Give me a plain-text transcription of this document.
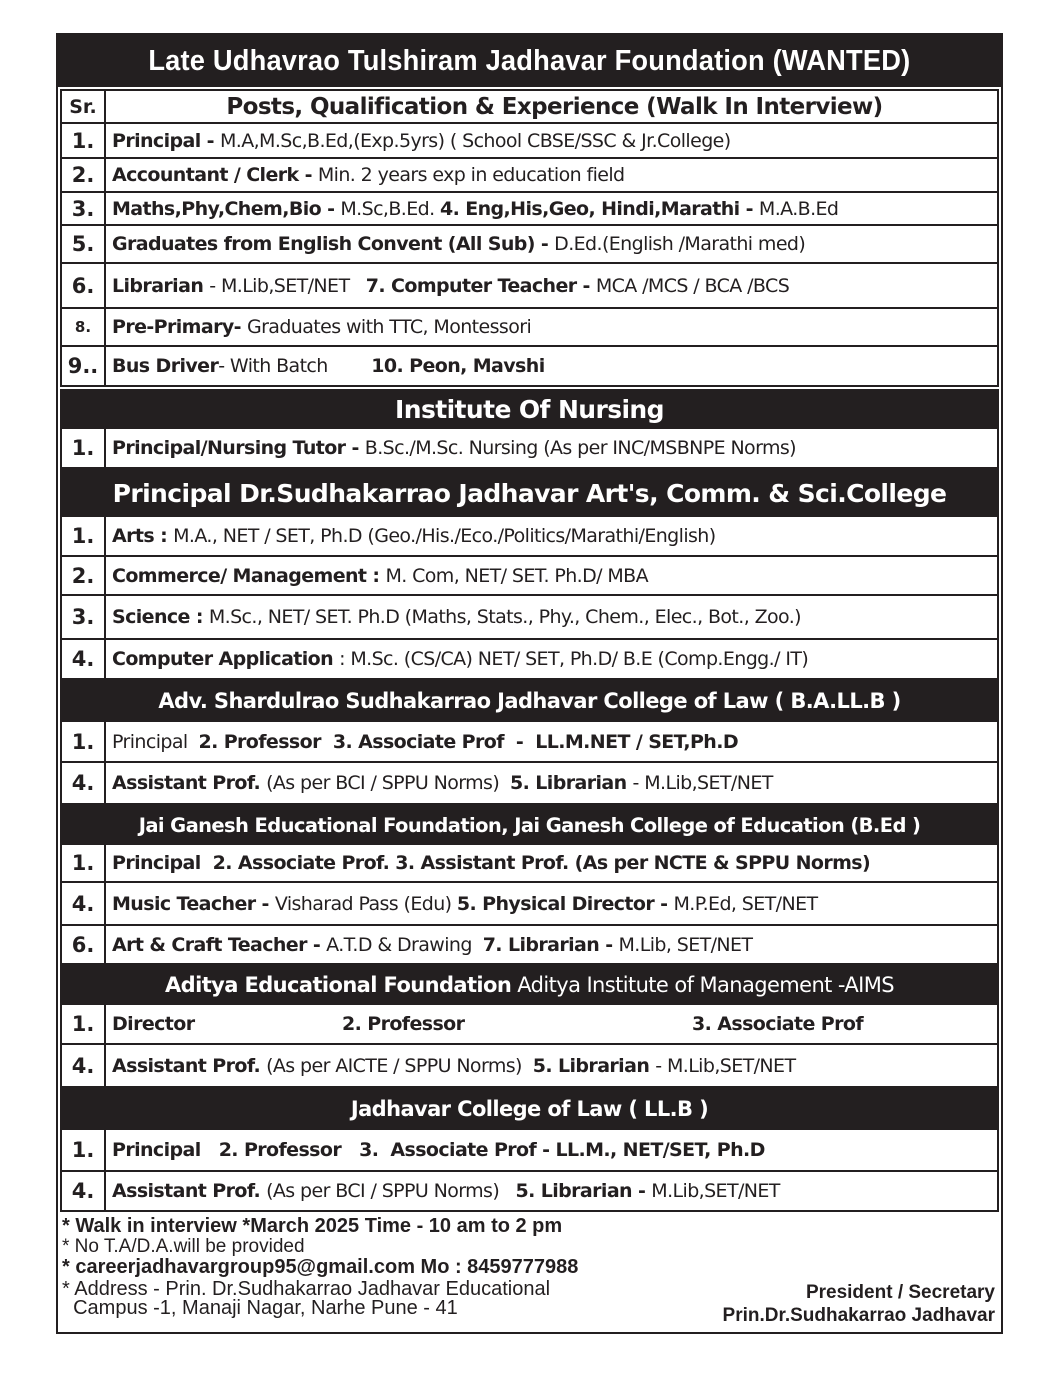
Late Udhavrao Tulshiram Jadhavar Foundation (WANTED)
Sr.	Posts, Qualification & Experience (Walk In Interview)
1. Principal - M.A,M.Sc,B.Ed,(Exp.5yrs) ( School CBSE/SSC & Jr.College)
2. Accountant / Clerk - Min. 2 years exp in education field
3. Maths,Phy,Chem,Bio - M.Sc,B.Ed. 4. Eng,His,Geo, Hindi,Marathi - M.A.B.Ed
5. Graduates from English Convent (All Sub) - D.Ed.(English /Marathi med)
6. Librarian - M.Lib,SET/NET   7. Computer Teacher - MCA /MCS / BCA /BCS
8.	Pre-Primary- Graduates with TTC, Montessori
9.. Bus Driver- With Batch        10. Peon, Mavshi
Institute Of Nursing
1. Principal/Nursing Tutor - B.Sc./M.Sc. Nursing (As per INC/MSBNPE Norms)
Principal Dr.Sudhakarrao Jadhavar Art's, Comm. & Sci.College
1. Arts : M.A., NET / SET, Ph.D (Geo./His./Eco./Politics/Marathi/English)
2. Commerce/ Management : M. Com, NET/ SET. Ph.D/ MBA
3. Science : M.Sc., NET/ SET. Ph.D (Maths, Stats., Phy., Chem., Elec., Bot., Zoo.)
4. Computer Application : M.Sc. (CS/CA) NET/ SET, Ph.D/ B.E (Comp.Engg./ IT)
Adv. Shardulrao Sudhakarrao Jadhavar College of Law ( B.A.LL.B )
1. Principal  2. Professor  3. Associate Prof  -  LL.M.NET / SET,Ph.D
4. Assistant Prof. (As per BCI / SPPU Norms)  5. Librarian - M.Lib,SET/NET
Jai Ganesh Educational Foundation, Jai Ganesh College of Education (B.Ed )
1. Principal  2. Associate Prof. 3. Assistant Prof. (As per NCTE & SPPU Norms)
4. Music Teacher - Visharad Pass (Edu) 5. Physical Director - M.P.Ed, SET/NET
6. Art & Craft Teacher - A.T.D & Drawing  7. Librarian - M.Lib, SET/NET
Aditya Educational Foundation Aditya Institute of Management -AIMS
1. Director	2. Professor	3. Associate Prof
4. Assistant Prof. (As per AICTE / SPPU Norms)  5. Librarian - M.Lib,SET/NET
Jadhavar College of Law ( LL.B )
1. Principal   2. Professor   3.  Associate Prof - LL.M., NET/SET, Ph.D
4. Assistant Prof. (As per BCI / SPPU Norms)   5. Librarian - M.Lib,SET/NET
* Walk in interview *March 2025 Time - 10 am to 2 pm
* No T.A/D.A.will be provided
* careerjadhavargroup95@gmail.com Mo : 8459777988
* Address - Prin. Dr.Sudhakarrao Jadhavar Educational
Campus -1, Manaji Nagar, Narhe Pune - 41
President / Secretary
Prin.Dr.Sudhakarrao Jadhavar
